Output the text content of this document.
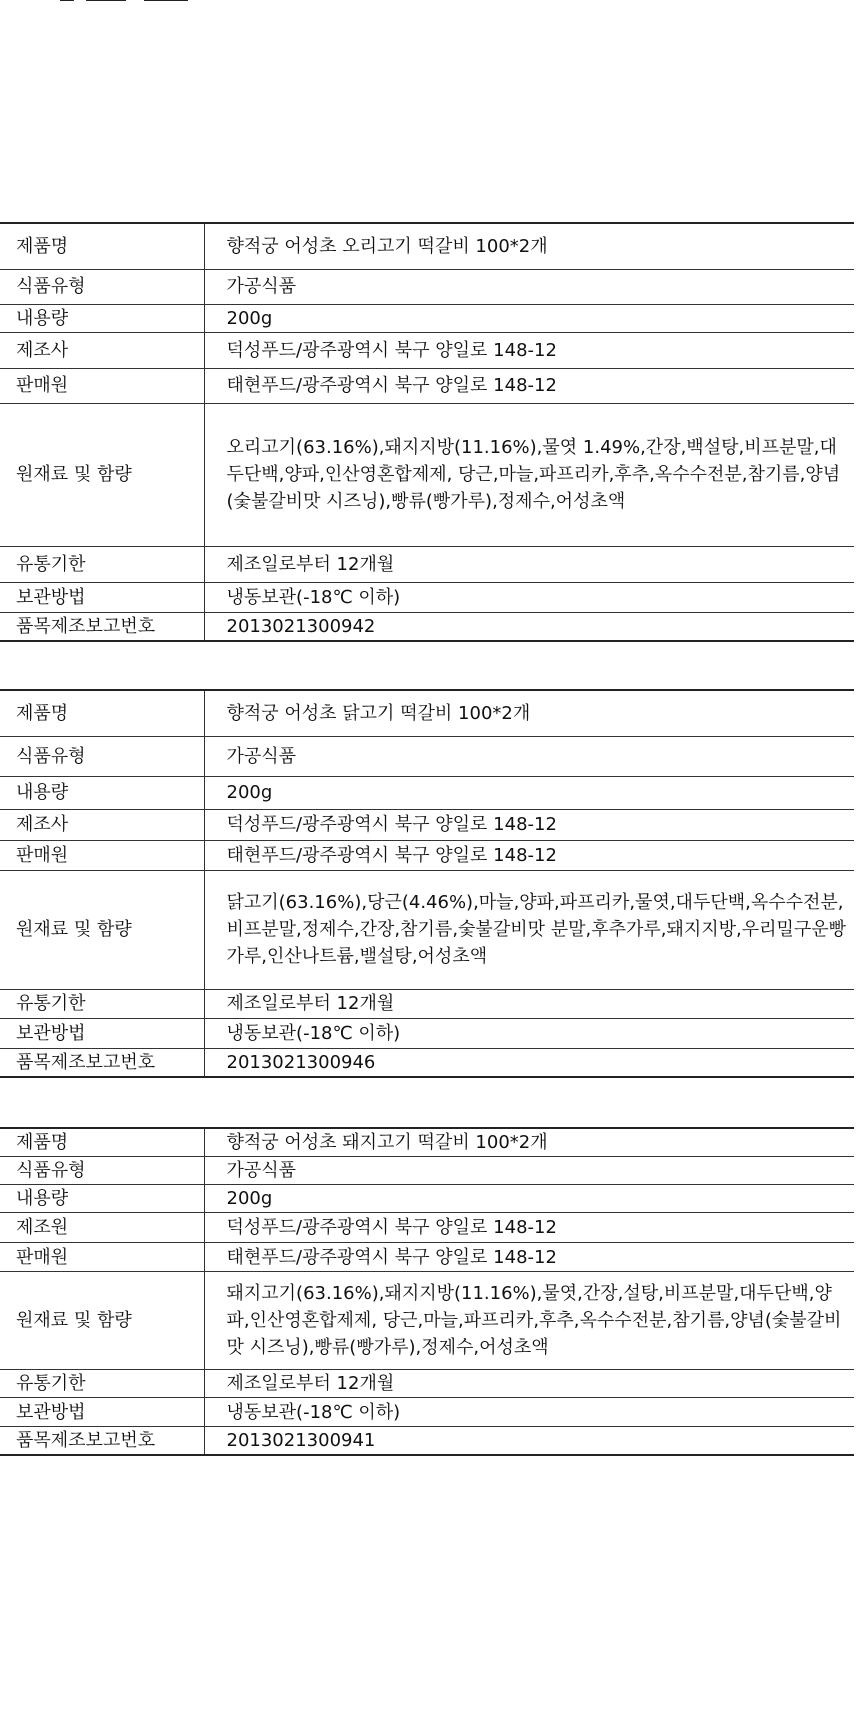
제품명	향적궁 어성초 오리고기 떡갈비 100*2개
식품유형	가공식품
내용량	200g
제조사	덕성푸드/광주광역시 북구 양일로 148-12
판매원	태현푸드/광주광역시 북구 양일로 148-12
원재료 및 함량	오리고기(63.16%),돼지지방(11.16%),물엿 1.49%,간장,백설탕,비프분말,대두단백,양파,인산영혼합제제, 당근,마늘,파프리카,후추,옥수수전분,참기름,양념(숯불갈비맛 시즈닝),빵류(빵가루),정제수,어성초액
유통기한	제조일로부터 12개월
보관방법	냉동보관(-18℃ 이하)
품목제조보고번호	2013021300942
제품명	향적궁 어성초 닭고기 떡갈비 100*2개
식품유형	가공식품
내용량	200g
제조사	덕성푸드/광주광역시 북구 양일로 148-12
판매원	태현푸드/광주광역시 북구 양일로 148-12
원재료 및 함량	닭고기(63.16%),당근(4.46%),마늘,양파,파프리카,물엿,대두단백,옥수수전분,비프분말,정제수,간장,참기름,숯불갈비맛 분말,후추가루,돼지지방,우리밀구운빵가루,인산나트륨,밸설탕,어성초액
유통기한	제조일로부터 12개월
보관방법	냉동보관(-18℃ 이하)
품목제조보고번호	2013021300946
제품명	향적궁 어성초 돼지고기 떡갈비 100*2개
식품유형	가공식품
내용량	200g
제조원	덕성푸드/광주광역시 북구 양일로 148-12
판매원	태현푸드/광주광역시 북구 양일로 148-12
원재료 및 함량	돼지고기(63.16%),돼지지방(11.16%),물엿,간장,설탕,비프분말,대두단백,양파,인산영혼합제제, 당근,마늘,파프리카,후추,옥수수전분,참기름,양념(숯불갈비맛 시즈닝),빵류(빵가루),정제수,어성초액
유통기한	제조일로부터 12개월
보관방법	냉동보관(-18℃ 이하)
품목제조보고번호	2013021300941
